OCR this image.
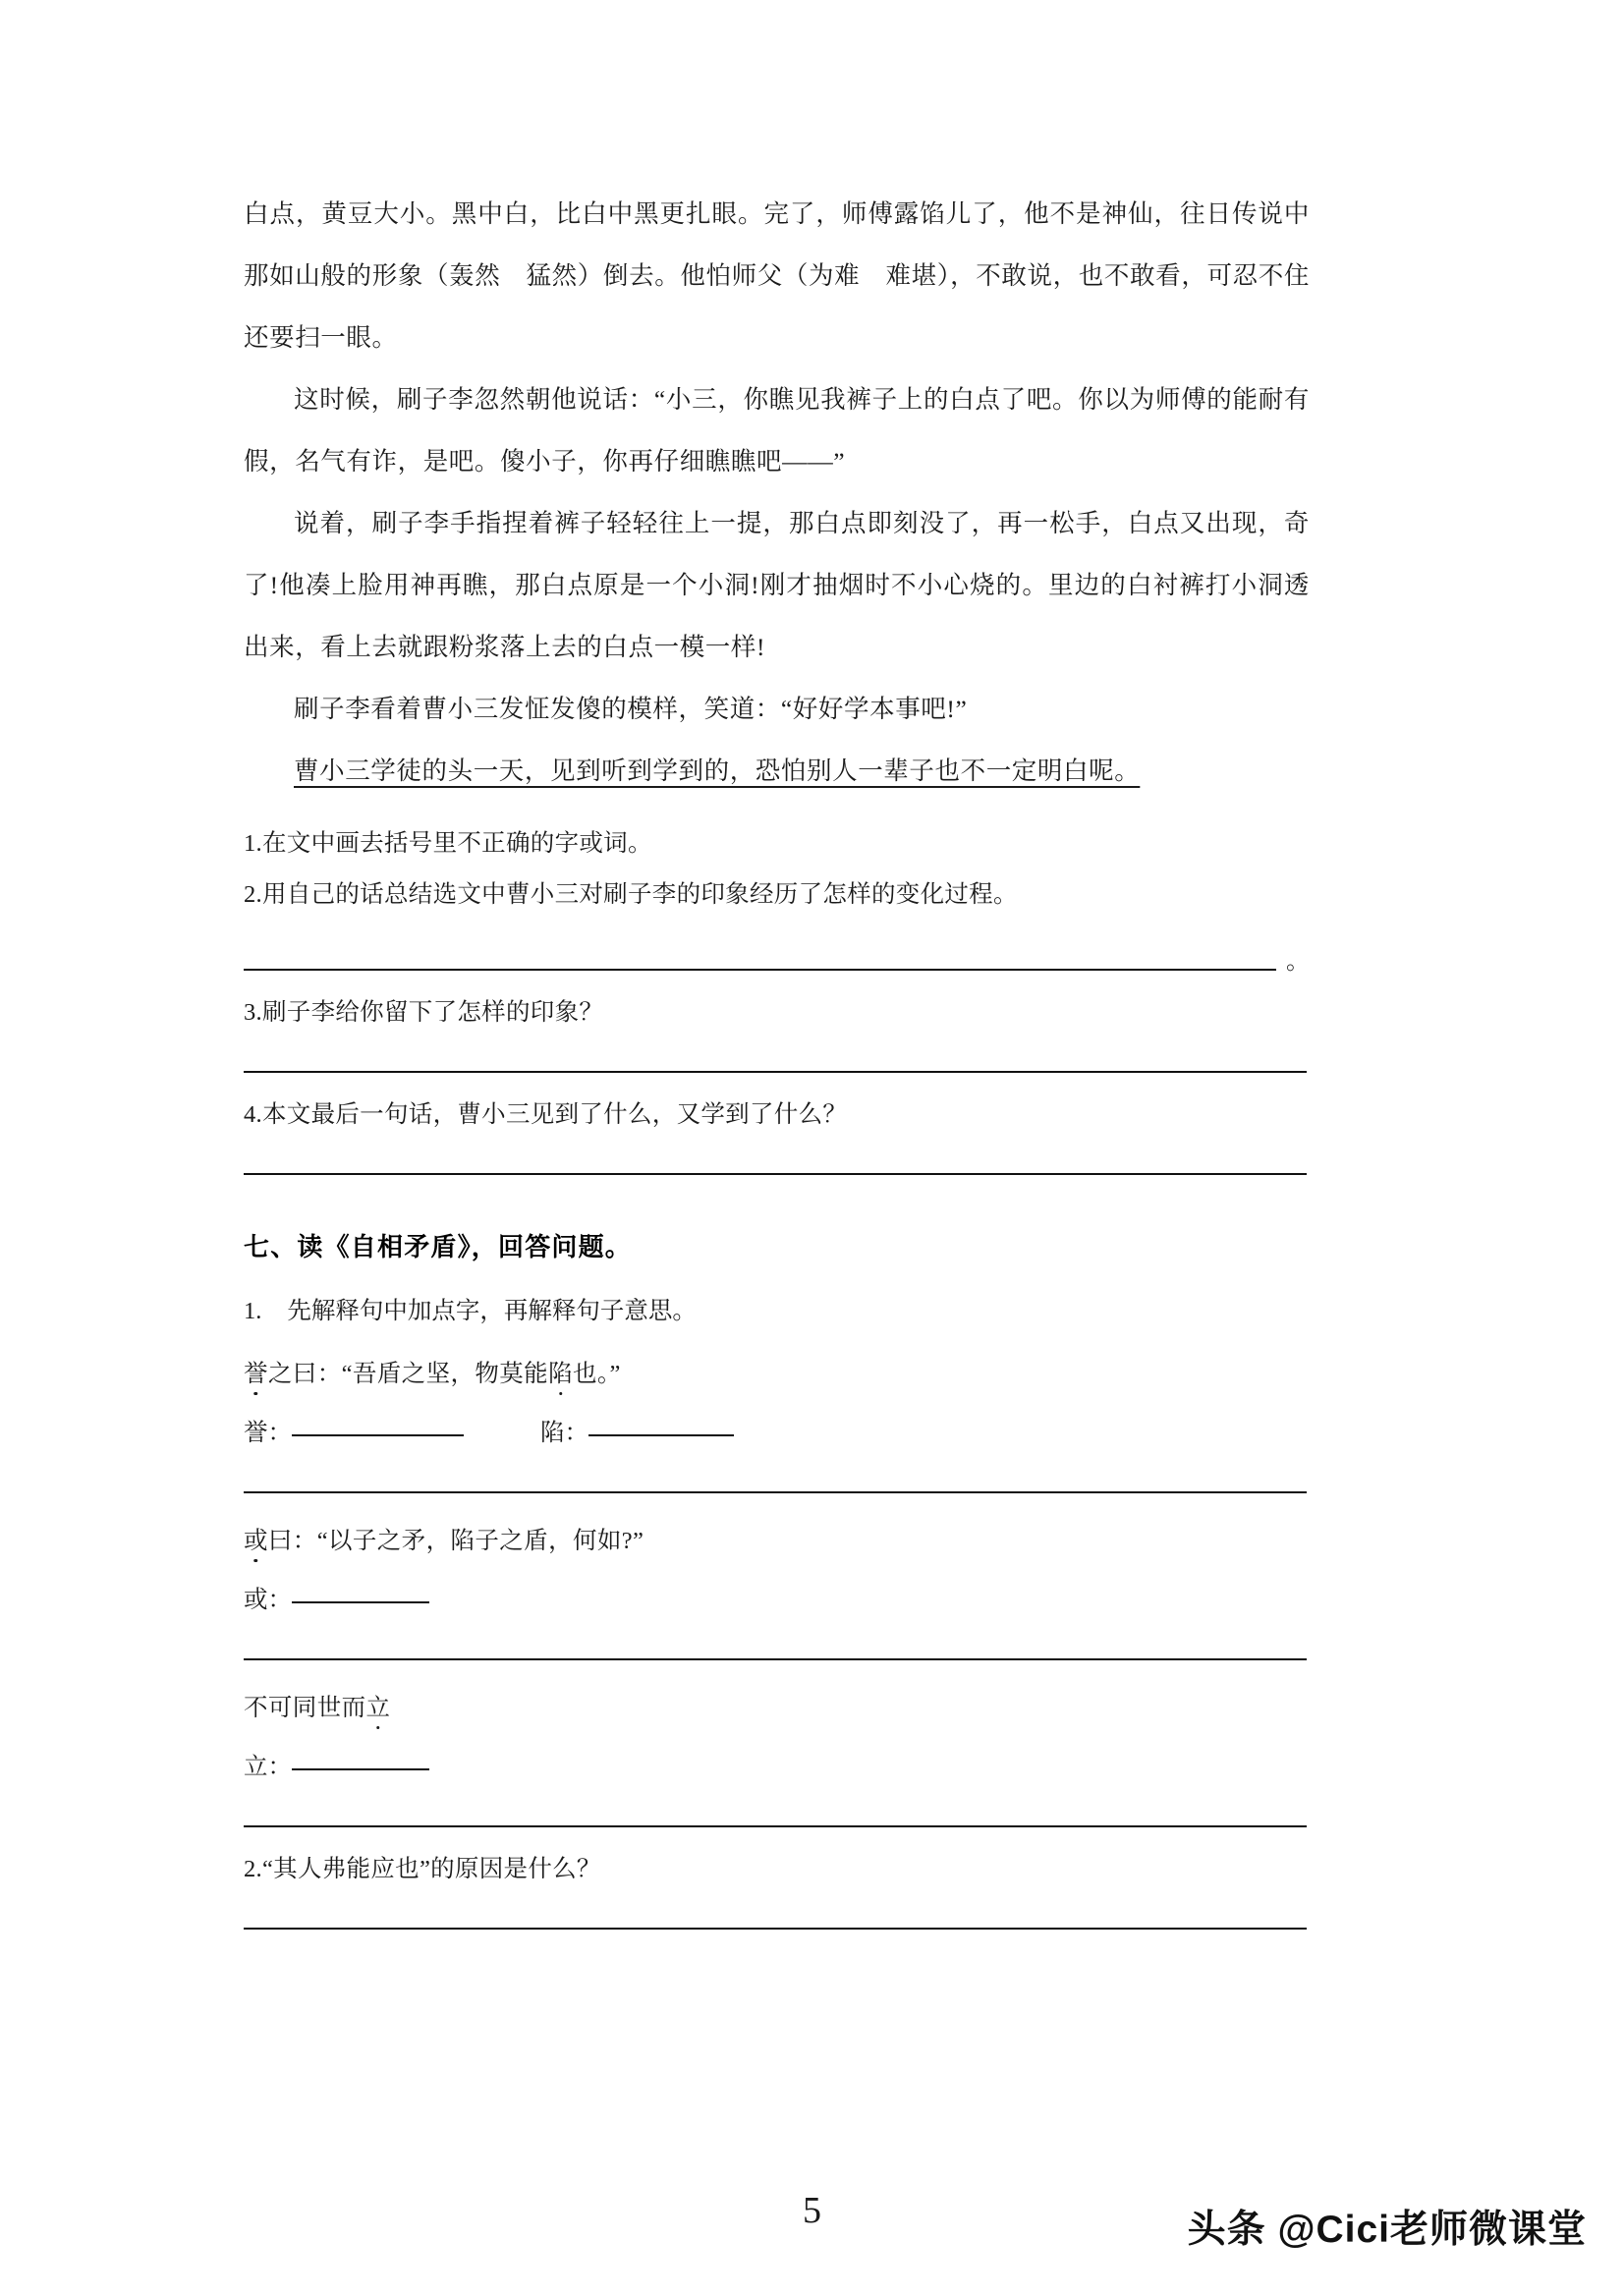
白点，黄豆大小。黑中白，比白中黑更扎眼。完了，师傅露馅儿了，他不是神仙，往日传说中那如山般的形象（轰然　猛然）倒去。他怕师父（为难　难堪），不敢说，也不敢看，可忍不住还要扫一眼。

这时候，刷子李忽然朝他说话：“小三，你瞧见我裤子上的白点了吧。你以为师傅的能耐有假，名气有诈，是吧。傻小子，你再仔细瞧瞧吧——”

说着，刷子李手指捏着裤子轻轻往上一提，那白点即刻没了，再一松手，白点又出现，奇了!他凑上脸用神再瞧，那白点原是一个小洞!刚才抽烟时不小心烧的。里边的白衬裤打小洞透出来，看上去就跟粉浆落上去的白点一模一样!

刷子李看着曹小三发怔发傻的模样，笑道：“好好学本事吧!”

曹小三学徒的头一天，见到听到学到的，恐怕别人一辈子也不一定明白呢。

1.在文中画去括号里不正确的字或词。

2.用自己的话总结选文中曹小三对刷子李的印象经历了怎样的变化过程。

。

3.刷子李给你留下了怎样的印象？

4.本文最后一句话，曹小三见到了什么，又学到了什么？

七、读《自相矛盾》，回答问题。

1. 先解释句中加点字，再解释句子意思。

誉之曰：“吾盾之坚，物莫能陷也。”

誉：	陷：

或曰：“以子之矛，陷子之盾，何如?”

或：

不可同世而立

立：

2.“其人弗能应也”的原因是什么？

5	头条 @Cici老师微课堂
